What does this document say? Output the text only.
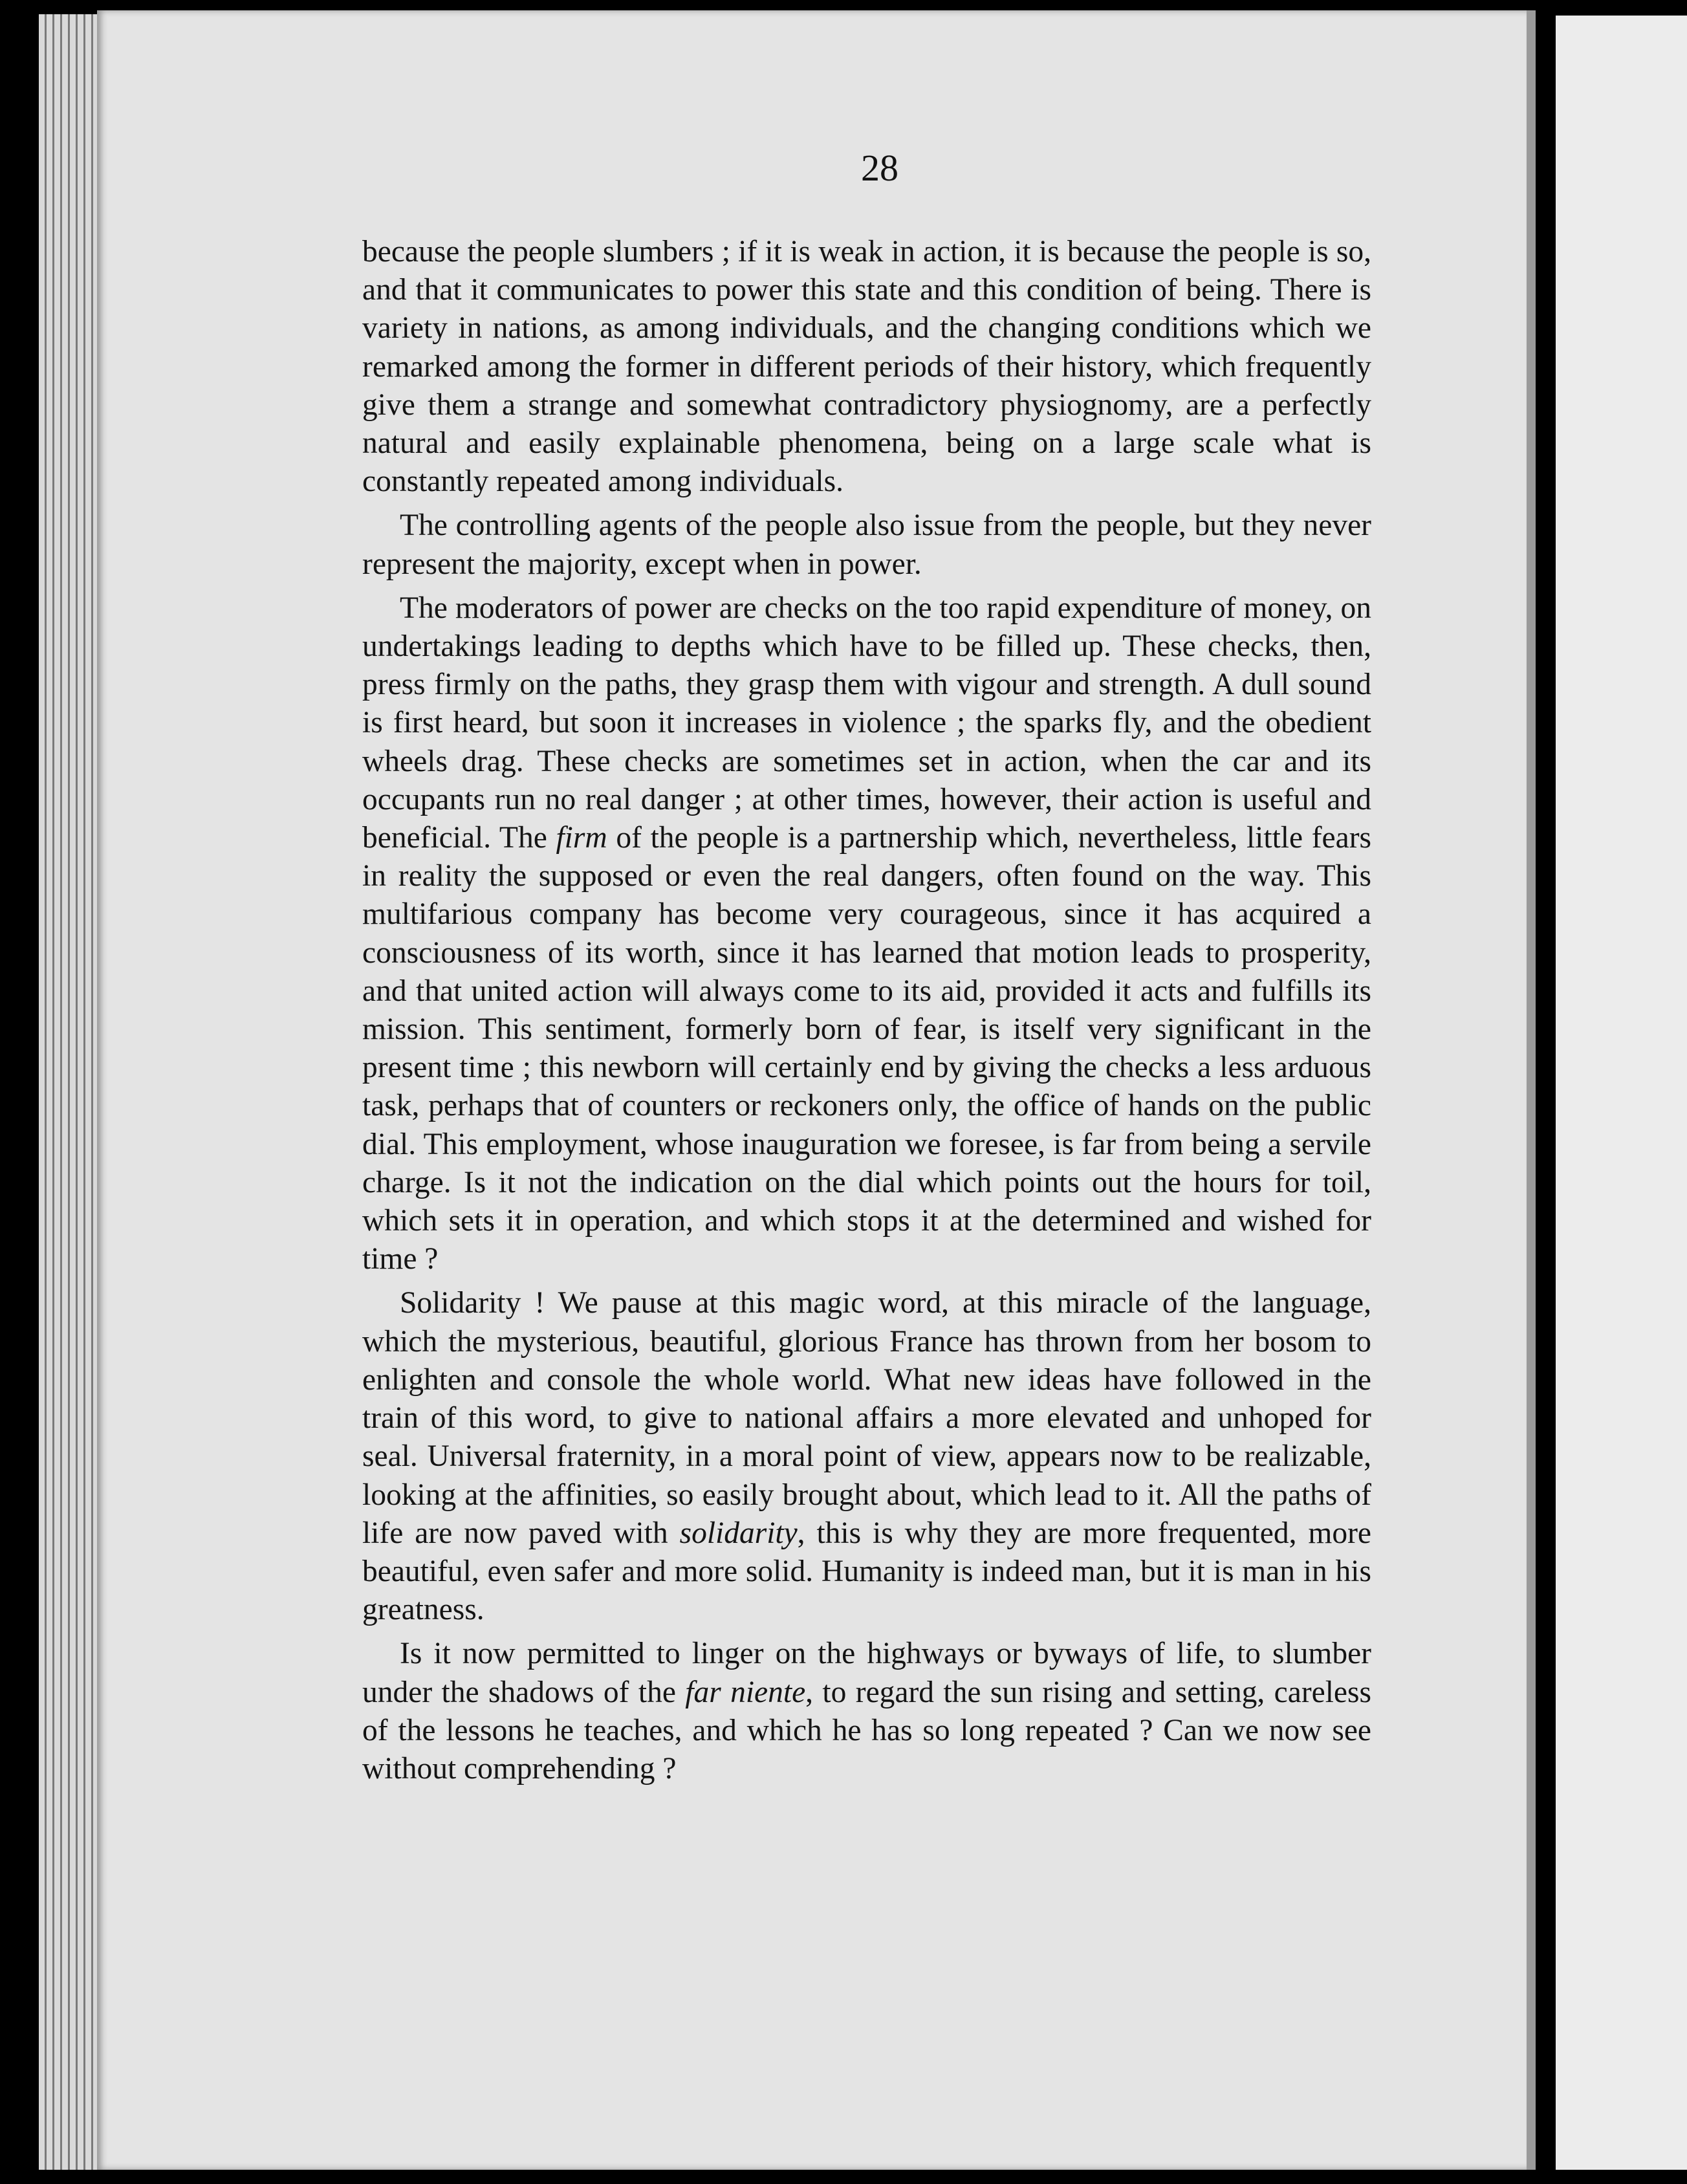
28

because the people slumbers ; if it is weak in action, it is because the people is so, and that it communicates to power this state and this condition of being. There is variety in nations, as among individuals, and the changing conditions which we remarked among the former in different periods of their history, which frequently give them a strange and somewhat contradictory physiognomy, are a perfectly natural and easily explainable phenomena, being on a large scale what is constantly repeated among individuals.

The controlling agents of the people also issue from the people, but they never represent the majority, except when in power.

The moderators of power are checks on the too rapid expenditure of money, on undertakings leading to depths which have to be filled up. These checks, then, press firmly on the paths, they grasp them with vigour and strength. A dull sound is first heard, but soon it increases in violence ; the sparks fly, and the obedient wheels drag. These checks are sometimes set in action, when the car and its occupants run no real danger ; at other times, however, their action is useful and beneficial. The firm of the people is a partnership which, nevertheless, little fears in reality the supposed or even the real dangers, often found on the way. This multifarious company has become very courageous, since it has acquired a consciousness of its worth, since it has learned that motion leads to prosperity, and that united action will always come to its aid, provided it acts and fulfills its mission. This sentiment, formerly born of fear, is itself very significant in the present time ; this newborn will certainly end by giving the checks a less arduous task, perhaps that of counters or reckoners only, the office of hands on the public dial. This employment, whose inauguration we foresee, is far from being a servile charge. Is it not the indication on the dial which points out the hours for toil, which sets it in operation, and which stops it at the determined and wished for time ?

Solidarity ! We pause at this magic word, at this miracle of the language, which the mysterious, beautiful, glorious France has thrown from her bosom to enlighten and console the whole world. What new ideas have followed in the train of this word, to give to national affairs a more elevated and unhoped for seal. Universal fraternity, in a moral point of view, appears now to be realizable, looking at the affinities, so easily brought about, which lead to it. All the paths of life are now paved with solidarity, this is why they are more frequented, more beautiful, even safer and more solid. Humanity is indeed man, but it is man in his greatness.

Is it now permitted to linger on the highways or byways of life, to slumber under the shadows of the far niente, to regard the sun rising and setting, careless of the lessons he teaches, and which he has so long repeated ? Can we now see without comprehending ?
